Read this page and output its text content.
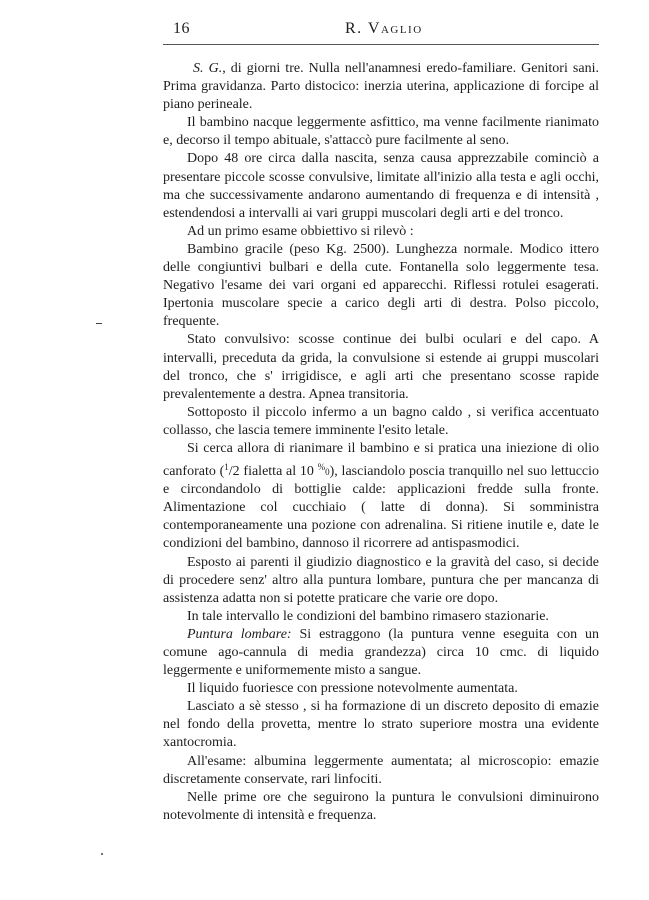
16	R. Vaglio

S. G., di giorni tre. Nulla nell'anamnesi eredo-familiare. Genitori sani. Prima gravidanza. Parto distocico: inerzia uterina, applicazione di forcipe al piano perineale.

Il bambino nacque leggermente asfittico, ma venne facilmente rianimato e, decorso il tempo abituale, s'attaccò pure facilmente al seno.

Dopo 48 ore circa dalla nascita, senza causa apprezzabile cominciò a presentare piccole scosse convulsive, limitate all'inizio alla testa e agli occhi, ma che successivamente andarono aumentando di frequenza e di intensità , estendendosi a intervalli ai vari gruppi muscolari degli arti e del tronco.

Ad un primo esame obbiettivo si rilevò :

Bambino gracile (peso Kg. 2500). Lunghezza normale. Modico ittero delle congiuntivi bulbari e della cute. Fontanella solo leggermente tesa. Negativo l'esame dei vari organi ed apparecchi. Riflessi rotulei esagerati. Ipertonia muscolare specie a carico degli arti di destra. Polso piccolo, frequente.

Stato convulsivo: scosse continue dei bulbi oculari e del capo. A intervalli, preceduta da grida, la convulsione si estende ai gruppi muscolari del tronco, che s' irrigidisce, e agli arti che presentano scosse rapide prevalentemente a destra. Apnea transitoria.

Sottoposto il piccolo infermo a un bagno caldo , si verifica accentuato collasso, che lascia temere imminente l'esito letale.

Si cerca allora di rianimare il bambino e si pratica una iniezione di olio canforato ($^1$/2 fialetta al 10 %0), lasciandolo poscia tranquillo nel suo lettuccio e circondandolo di bottiglie calde: applicazioni fredde sulla fronte. Alimentazione col cucchiaio ( latte di donna). Si somministra contemporaneamente una pozione con adrenalina. Si ritiene inutile e, date le condizioni del bambino, dannoso il ricorrere ad antispasmodici.

Esposto ai parenti il giudizio diagnostico e la gravità del caso, si decide di procedere senz' altro alla puntura lombare, puntura che per mancanza di assistenza adatta non si potette praticare che varie ore dopo.

In tale intervallo le condizioni del bambino rimasero stazionarie.

Puntura lombare: Si estraggono (la puntura venne eseguita con un comune ago-cannula di media grandezza) circa 10 cmc. di liquido leggermente e uniformemente misto a sangue.

Il liquido fuoriesce con pressione notevolmente aumentata.

Lasciato a sè stesso , si ha formazione di un discreto deposito di emazie nel fondo della provetta, mentre lo strato superiore mostra una evidente xantocromia.

All'esame: albumina leggermente aumentata; al microscopio: emazie discretamente conservate, rari linfociti.

Nelle prime ore che seguirono la puntura le convulsioni diminuirono notevolmente di intensità e frequenza.
